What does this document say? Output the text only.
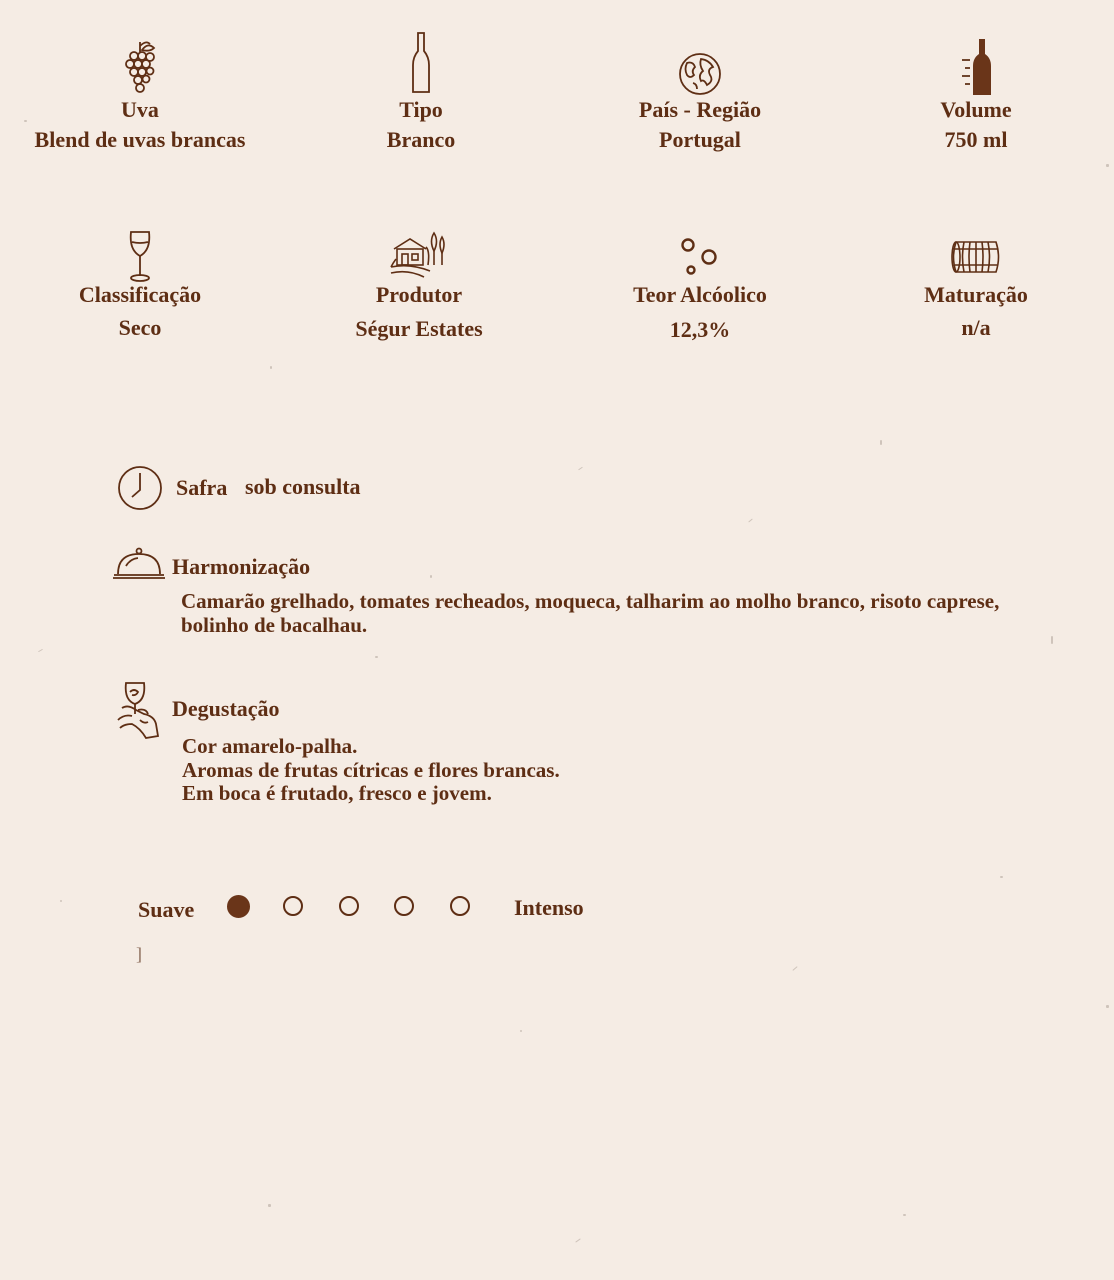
Uva
Blend de uvas brancas
Tipo
Branco
País - Região
Portugal
Volume
750 ml
Classificação
Seco
Produtor
Ségur Estates
Teor Alcóolico
12,3%
Maturação
n/a
Safra sob consulta
Harmonização
Camarão grelhado, tomates recheados, moqueca, talharim ao molho branco, risoto caprese, bolinho de bacalhau.
Degustação
Cor amarelo-palha.
Aromas de frutas cítricas e flores brancas.
Em boca é frutado, fresco e jovem.
Suave	Intenso
]
